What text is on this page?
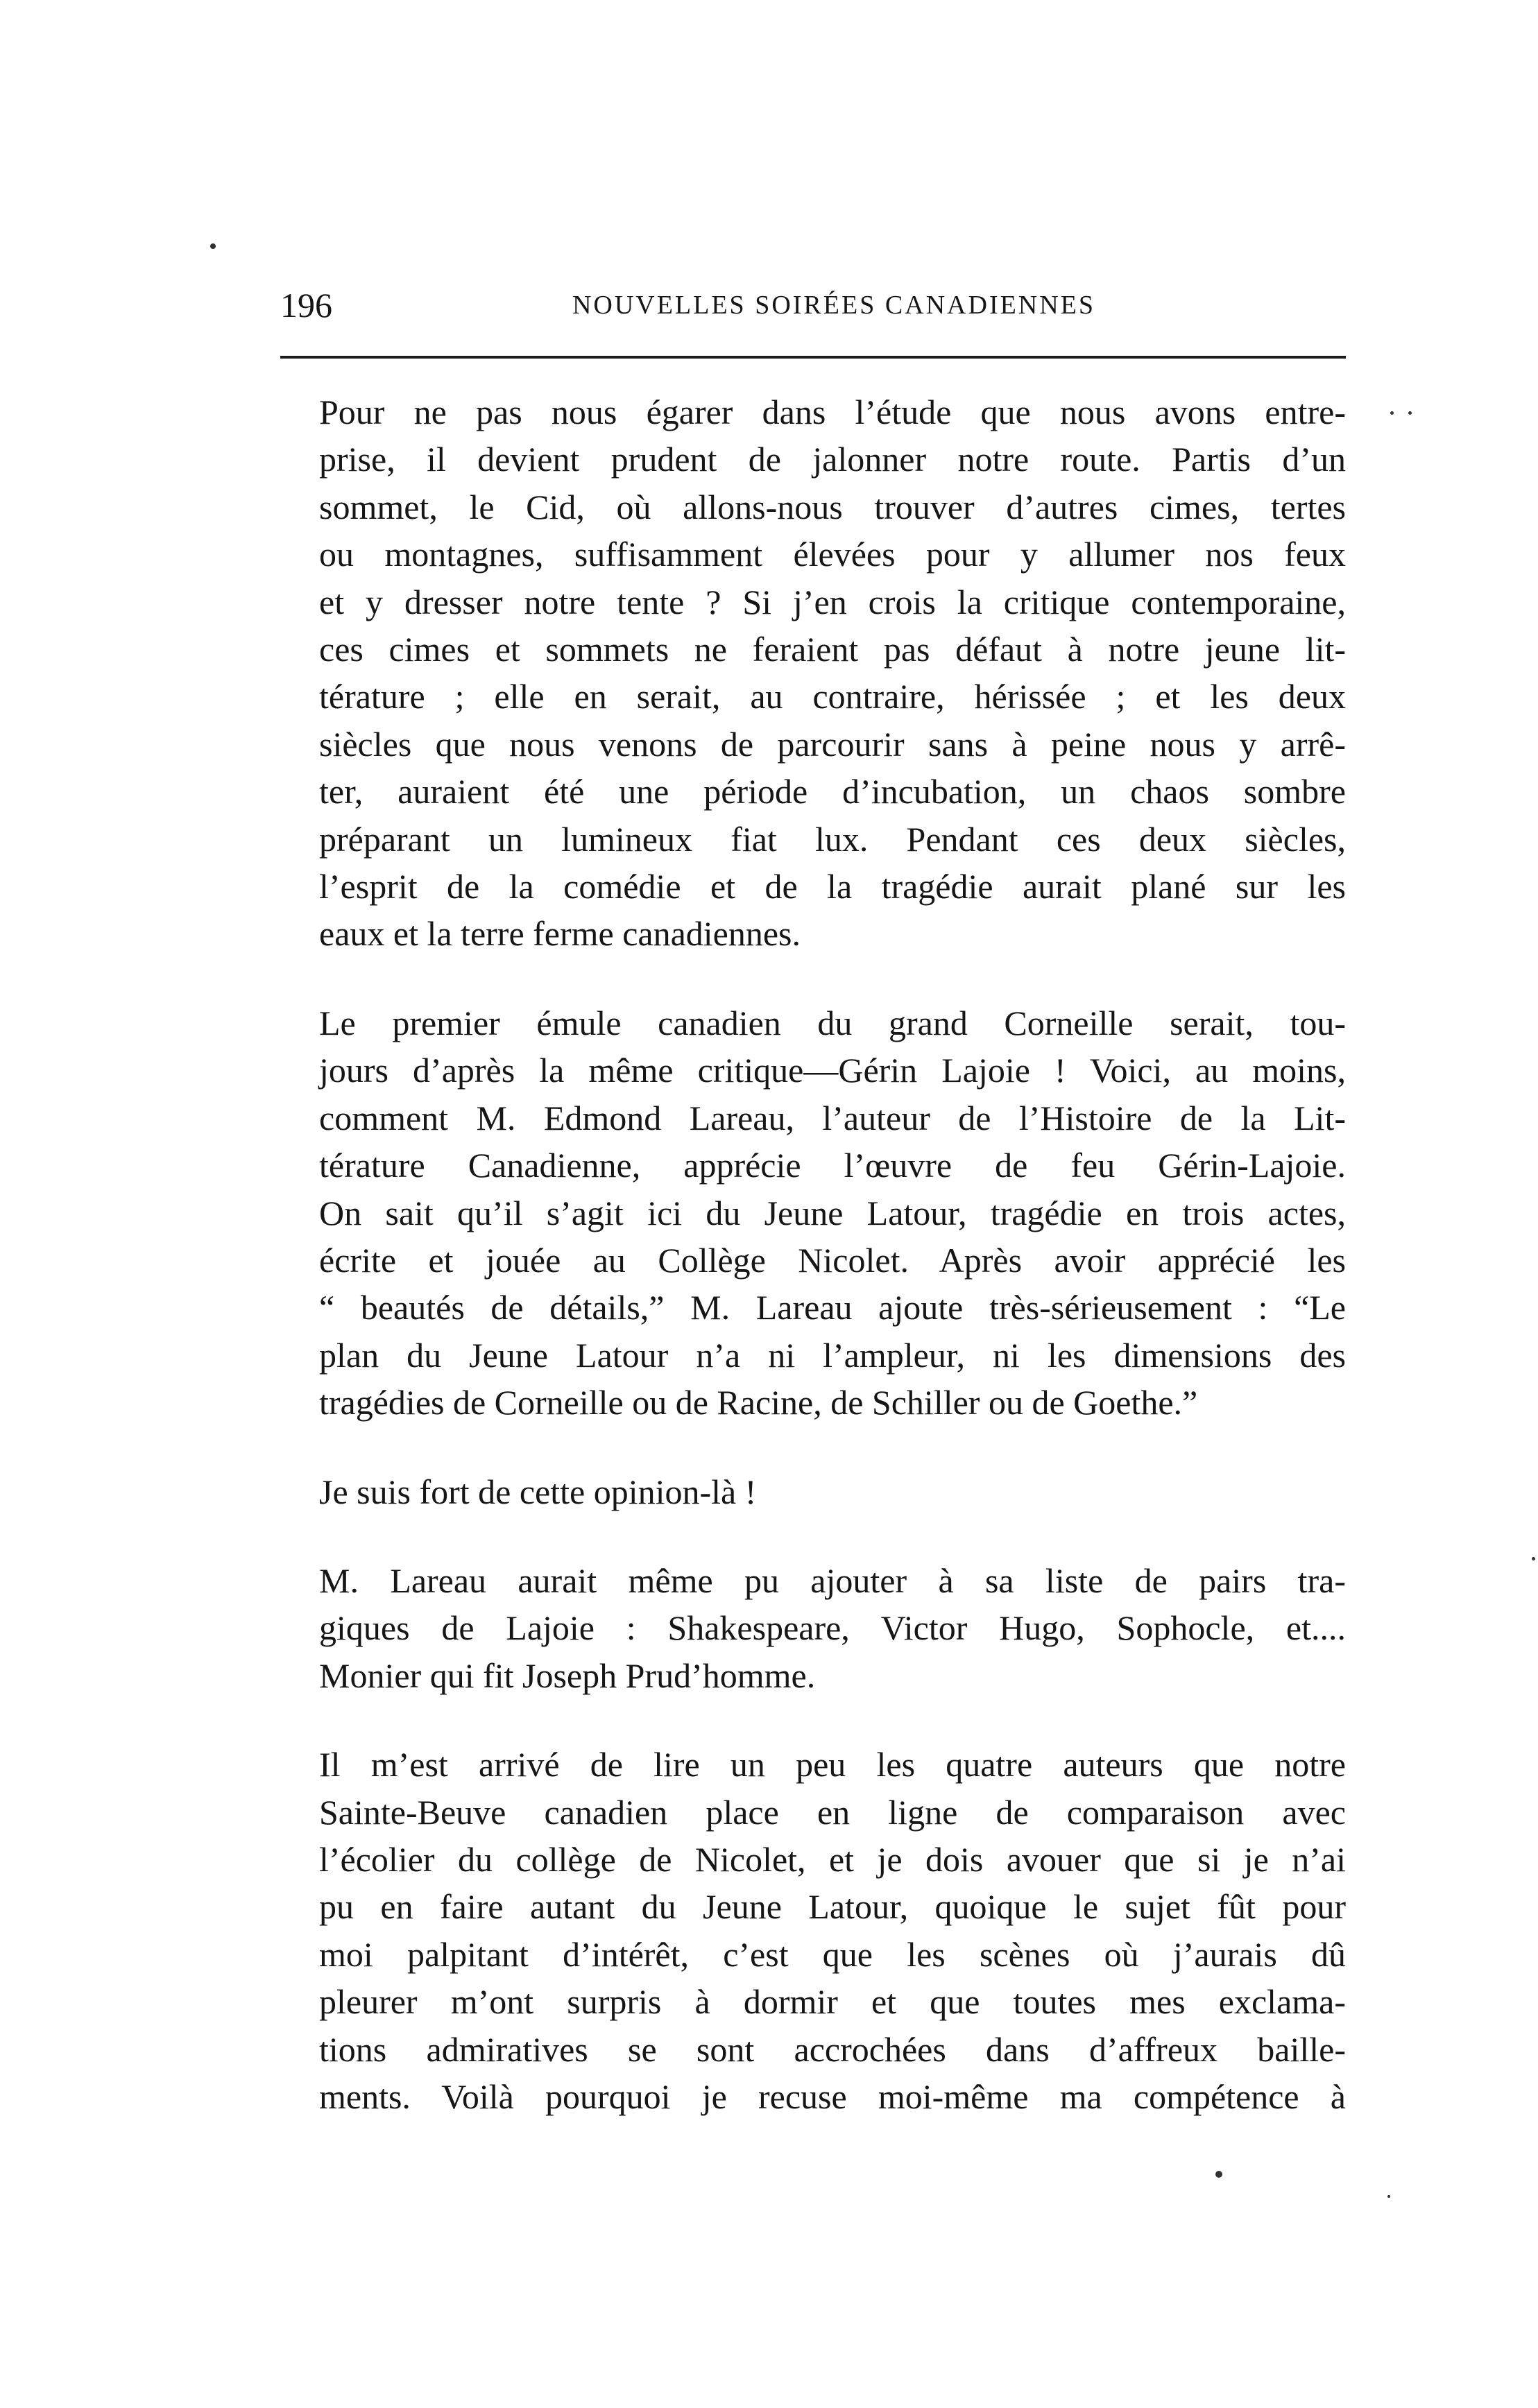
196	NOUVELLES SOIRÉES CANADIENNES

Pour ne pas nous égarer dans l’étude que nous avons entre-
prise, il devient prudent de jalonner notre route. Partis d’un
sommet, le Cid, où allons-nous trouver d’autres cimes, tertes
ou montagnes, suffisamment élevées pour y allumer nos feux
et y dresser notre tente ? Si j’en crois la critique contemporaine,
ces cimes et sommets ne feraient pas défaut à notre jeune lit-
térature ; elle en serait, au contraire, hérissée ; et les deux
siècles que nous venons de parcourir sans à peine nous y arrê-
ter, auraient été une période d’incubation, un chaos sombre
préparant un lumineux fiat lux. Pendant ces deux siècles,
l’esprit de la comédie et de la tragédie aurait plané sur les
eaux et la terre ferme canadiennes.

Le premier émule canadien du grand Corneille serait, tou-
jours d’après la même critique—Gérin Lajoie ! Voici, au moins,
comment M. Edmond Lareau, l’auteur de l’Histoire de la Lit-
térature Canadienne, apprécie l’œuvre de feu Gérin-Lajoie.
On sait qu’il s’agit ici du Jeune Latour, tragédie en trois actes,
écrite et jouée au Collège Nicolet. Après avoir apprécié les
“ beautés de détails,” M. Lareau ajoute très-sérieusement : “Le
plan du Jeune Latour n’a ni l’ampleur, ni les dimensions des
tragédies de Corneille ou de Racine, de Schiller ou de Goethe.”

Je suis fort de cette opinion-là !

M. Lareau aurait même pu ajouter à sa liste de pairs tra-
giques de Lajoie : Shakespeare, Victor Hugo, Sophocle, et....
Monier qui fit Joseph Prud’homme.

Il m’est arrivé de lire un peu les quatre auteurs que notre
Sainte-Beuve canadien place en ligne de comparaison avec
l’écolier du collège de Nicolet, et je dois avouer que si je n’ai
pu en faire autant du Jeune Latour, quoique le sujet fût pour
moi palpitant d’intérêt, c’est que les scènes où j’aurais dû
pleurer m’ont surpris à dormir et que toutes mes exclama-
tions admiratives se sont accrochées dans d’affreux baille-
ments. Voilà pourquoi je recuse moi-même ma compétence à
